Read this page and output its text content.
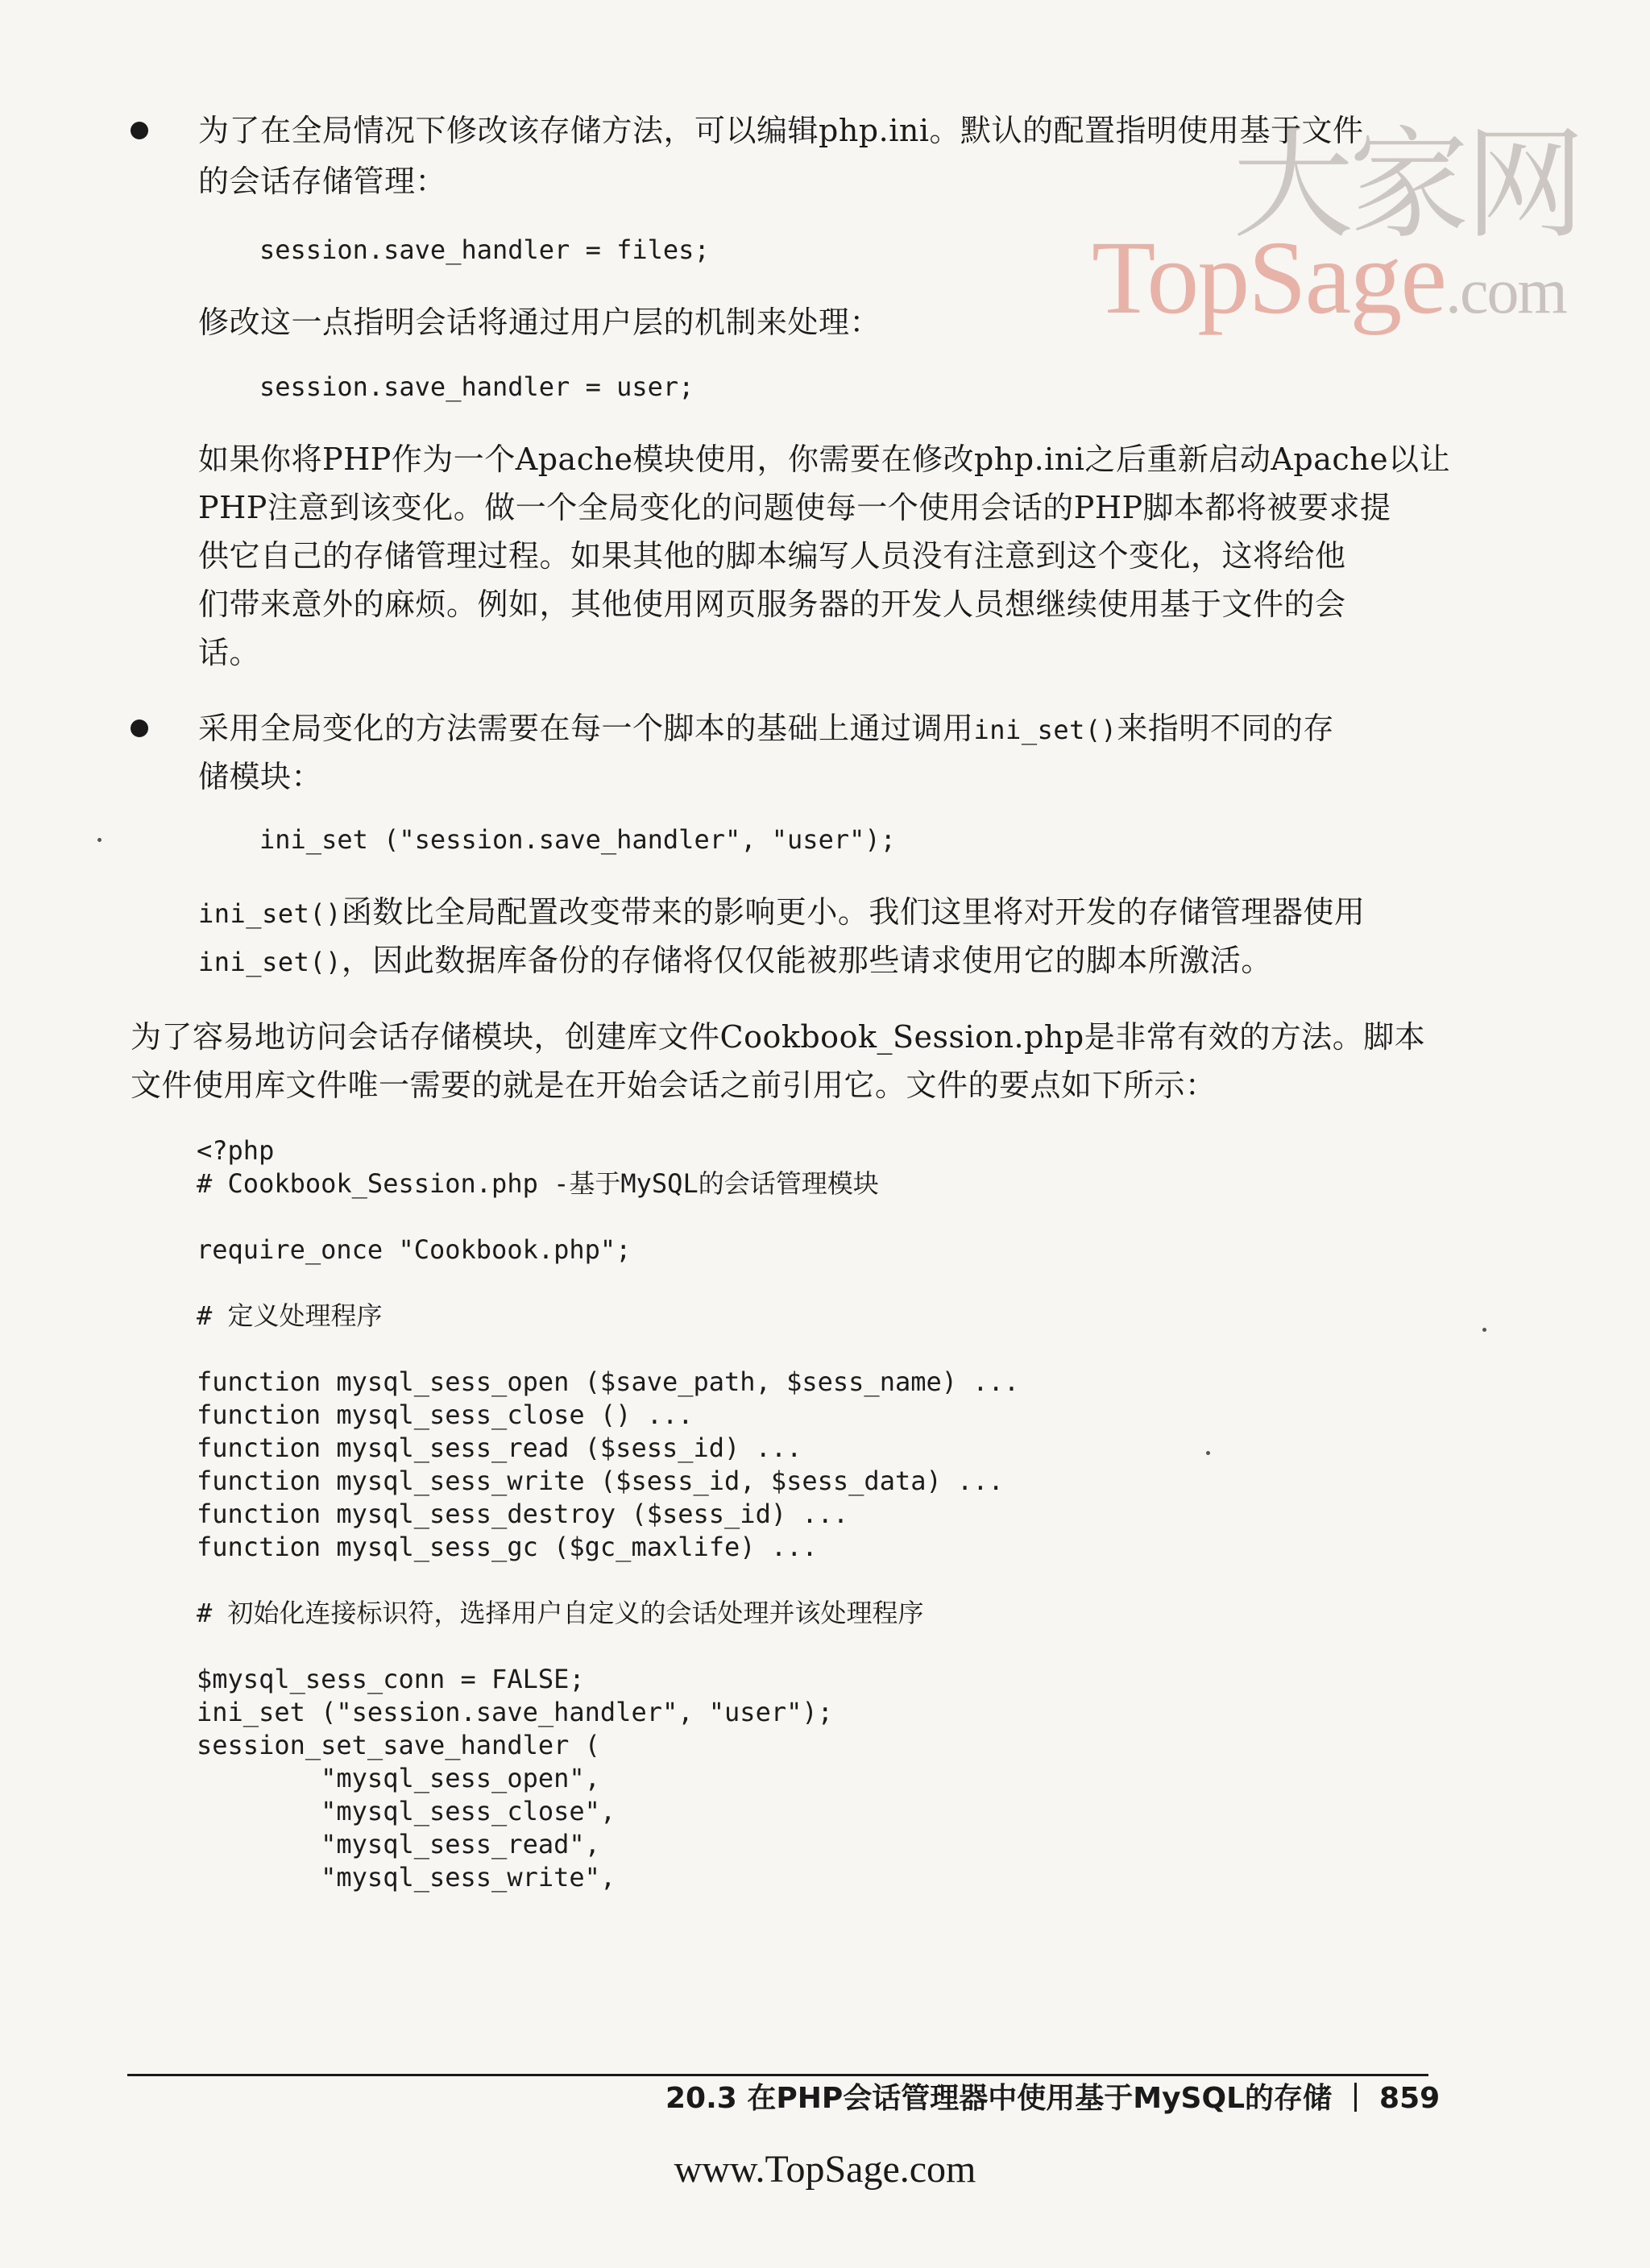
大家网
TopSage.com
为了在全局情况下修改该存储方法，可以编辑php.ini。默认的配置指明使用基于文件
的会话存储管理：
session.save_handler = files;
修改这一点指明会话将通过用户层的机制来处理：
session.save_handler = user;
如果你将PHP作为一个Apache模块使用，你需要在修改php.ini之后重新启动Apache以让
PHP注意到该变化。做一个全局变化的问题使每一个使用会话的PHP脚本都将被要求提
供它自己的存储管理过程。如果其他的脚本编写人员没有注意到这个变化，这将给他
们带来意外的麻烦。例如，其他使用网页服务器的开发人员想继续使用基于文件的会
话。
采用全局变化的方法需要在每一个脚本的基础上通过调用ini_set()来指明不同的存
储模块：
ini_set ("session.save_handler", "user");
ini_set()函数比全局配置改变带来的影响更小。我们这里将对开发的存储管理器使用
ini_set()，因此数据库备份的存储将仅仅能被那些请求使用它的脚本所激活。
为了容易地访问会话存储模块，创建库文件Cookbook_Session.php是非常有效的方法。脚本
文件使用库文件唯一需要的就是在开始会话之前引用它。文件的要点如下所示：
<?php
# Cookbook_Session.php -基于MySQL的会话管理模块

require_once "Cookbook.php";

# 定义处理程序

function mysql_sess_open ($save_path, $sess_name) ...
function mysql_sess_close () ...
function mysql_sess_read ($sess_id) ...
function mysql_sess_write ($sess_id, $sess_data) ...
function mysql_sess_destroy ($sess_id) ...
function mysql_sess_gc ($gc_maxlife) ...

# 初始化连接标识符，选择用户自定义的会话处理并该处理程序

$mysql_sess_conn = FALSE;
ini_set ("session.save_handler", "user");
session_set_save_handler (
"mysql_sess_open",
"mysql_sess_close",
"mysql_sess_read",
"mysql_sess_write",
20.3 在PHP会话管理器中使用基于MySQL的存储 859
www.TopSage.com
